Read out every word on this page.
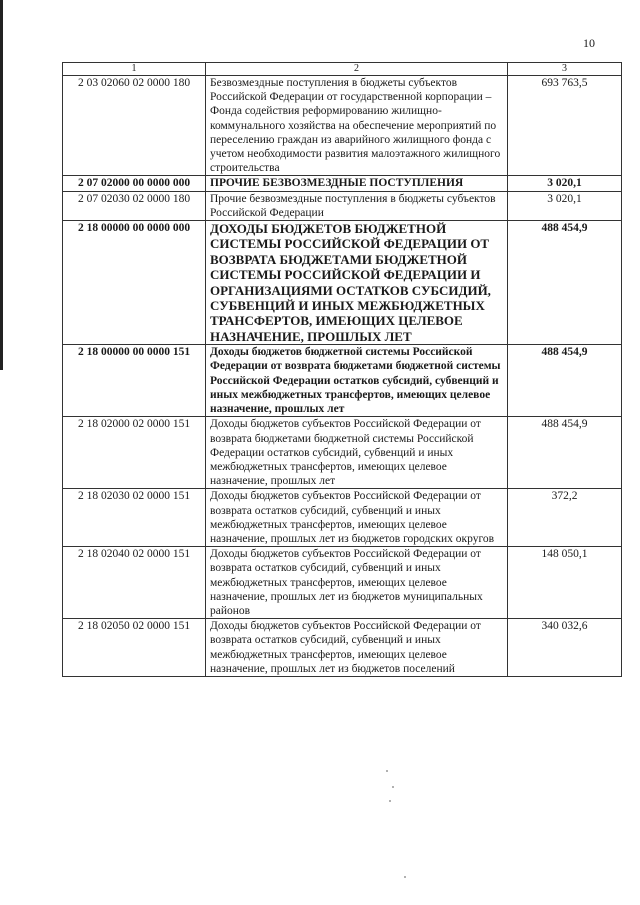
10
1	2	3
2 03 02060 02 0000 180	Безвозмездные поступления в бюджеты субъектов Российской Федерации от государственной корпорации – Фонда содействия реформированию жилищно-коммунального хозяйства на обеспечение мероприятий по переселению граждан из аварийного жилищного фонда с учетом необходимости развития малоэтажного жилищного строительства	693 763,5
2 07 02000 00 0000 000	ПРОЧИЕ БЕЗВОЗМЕЗДНЫЕ ПОСТУПЛЕНИЯ	3 020,1
2 07 02030 02 0000 180	Прочие безвозмездные поступления в бюджеты субъектов Российской Федерации	3 020,1
2 18 00000 00 0000 000	ДОХОДЫ БЮДЖЕТОВ БЮДЖЕТНОЙ СИСТЕМЫ РОССИЙСКОЙ ФЕДЕРАЦИИ ОТ ВОЗВРАТА БЮДЖЕТАМИ БЮДЖЕТНОЙ СИСТЕМЫ РОССИЙСКОЙ ФЕДЕРАЦИИ И ОРГАНИЗАЦИЯМИ ОСТАТКОВ СУБСИДИЙ, СУБВЕНЦИЙ И ИНЫХ МЕЖБЮДЖЕТНЫХ ТРАНСФЕРТОВ, ИМЕЮЩИХ ЦЕЛЕВОЕ НАЗНАЧЕНИЕ, ПРОШЛЫХ ЛЕТ	488 454,9
2 18 00000 00 0000 151	Доходы бюджетов бюджетной системы Российской Федерации от возврата бюджетами бюджетной системы Российской Федерации остатков субсидий, субвенций и иных межбюджетных трансфертов, имеющих целевое назначение, прошлых лет	488 454,9
2 18 02000 02 0000 151	Доходы бюджетов субъектов Российской Федерации от возврата бюджетами бюджетной системы Российской Федерации остатков субсидий, субвенций и иных межбюджетных трансфертов, имеющих целевое назначение, прошлых лет	488 454,9
2 18 02030 02 0000 151	Доходы бюджетов субъектов Российской Федерации от возврата остатков субсидий, субвенций и иных межбюджетных трансфертов, имеющих целевое назначение, прошлых лет из бюджетов городских округов	372,2
2 18 02040 02 0000 151	Доходы бюджетов субъектов Российской Федерации от возврата остатков субсидий, субвенций и иных межбюджетных трансфертов, имеющих целевое назначение, прошлых лет из бюджетов муниципальных районов	148 050,1
2 18 02050 02 0000 151	Доходы бюджетов субъектов Российской Федерации от возврата остатков субсидий, субвенций и иных межбюджетных трансфертов, имеющих целевое назначение, прошлых лет из бюджетов поселений	340 032,6
